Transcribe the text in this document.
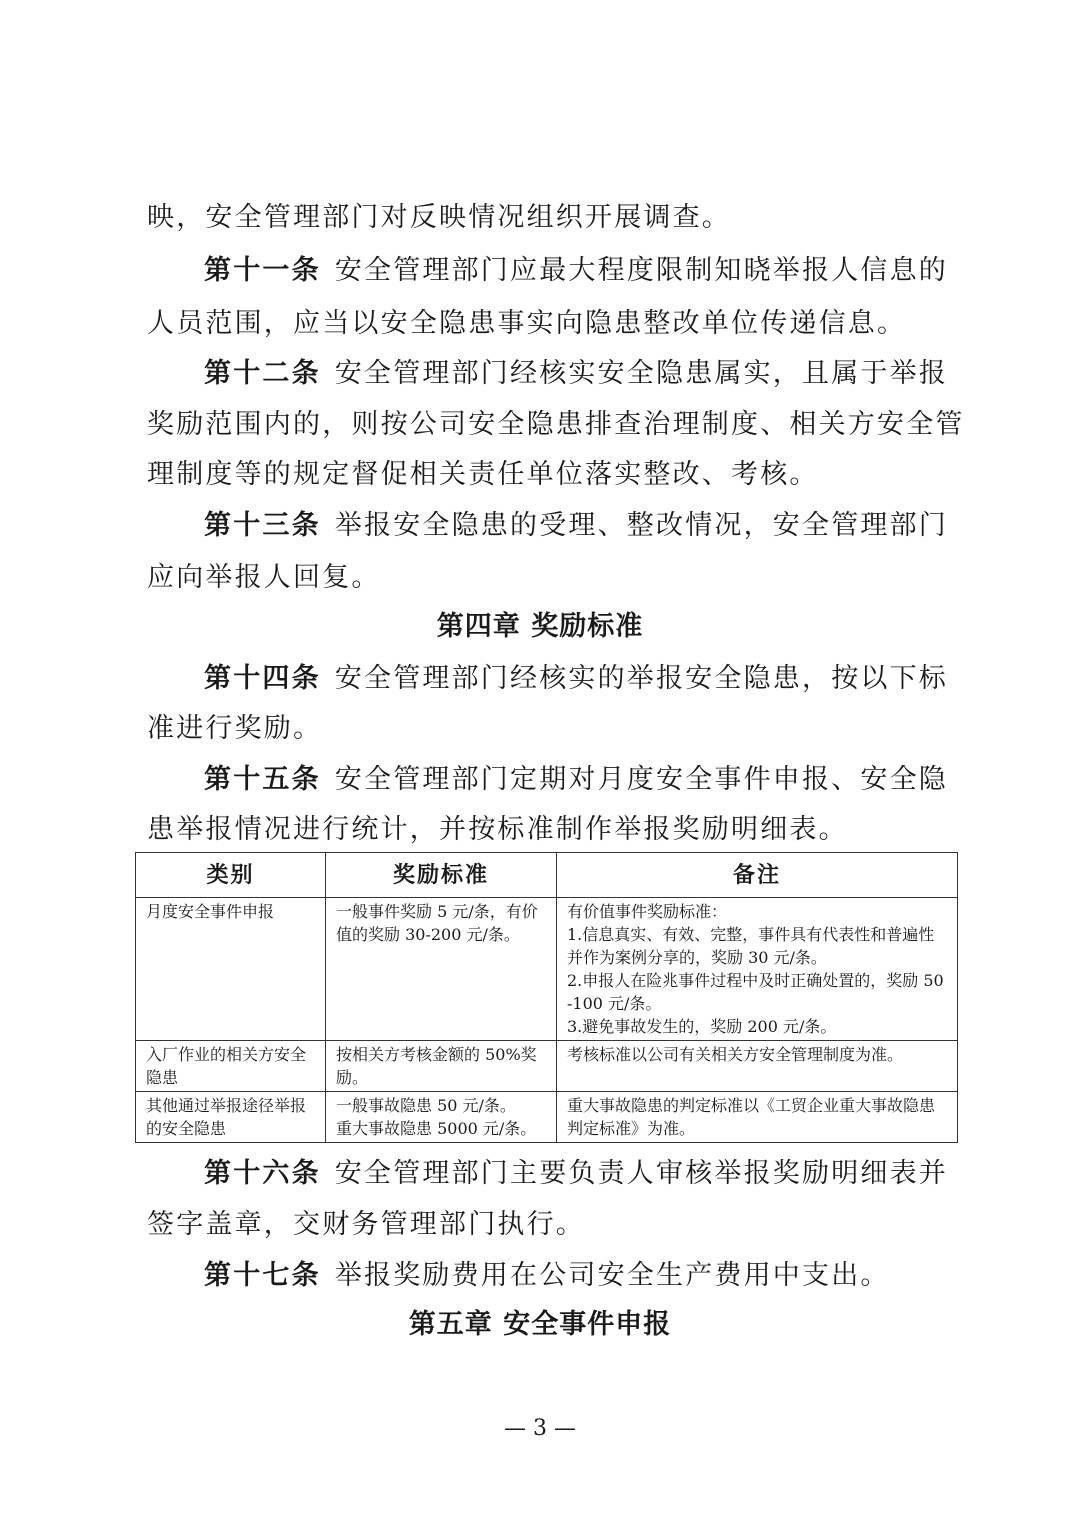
映，安全管理部门对反映情况组织开展调查。
第十一条 安全管理部门应最大程度限制知晓举报人信息的
人员范围，应当以安全隐患事实向隐患整改单位传递信息。
第十二条 安全管理部门经核实安全隐患属实，且属于举报
奖励范围内的，则按公司安全隐患排查治理制度、相关方安全管
理制度等的规定督促相关责任单位落实整改、考核。
第十三条 举报安全隐患的受理、整改情况，安全管理部门
应向举报人回复。
第四章 奖励标准
第十四条 安全管理部门经核实的举报安全隐患，按以下标
准进行奖励。
第十五条 安全管理部门定期对月度安全事件申报、安全隐
患举报情况进行统计，并按标准制作举报奖励明细表。
类别	奖励标准	备注
月度安全事件申报	一般事件奖励 5 元/条，有价值的奖励 30-200 元/条。	有价值事件奖励标准：
1.信息真实、有效、完整，事件具有代表性和普遍性并作为案例分享的，奖励 30 元/条。
2.申报人在险兆事件过程中及时正确处置的，奖励 50-100 元/条。
3.避免事故发生的，奖励 200 元/条。

入厂作业的相关方安全隐患	按相关方考核金额的 50%奖励。	考核标准以公司有关相关方安全管理制度为准。
其他通过举报途径举报的安全隐患	一般事故隐患 50 元/条。
重大事故隐患 5000 元/条。	重大事故隐患的判定标准以《工贸企业重大事故隐患判定标准》为准。
第十六条 安全管理部门主要负责人审核举报奖励明细表并
签字盖章，交财务管理部门执行。
第十七条 举报奖励费用在公司安全生产费用中支出。
第五章 安全事件申报
— 3 —
